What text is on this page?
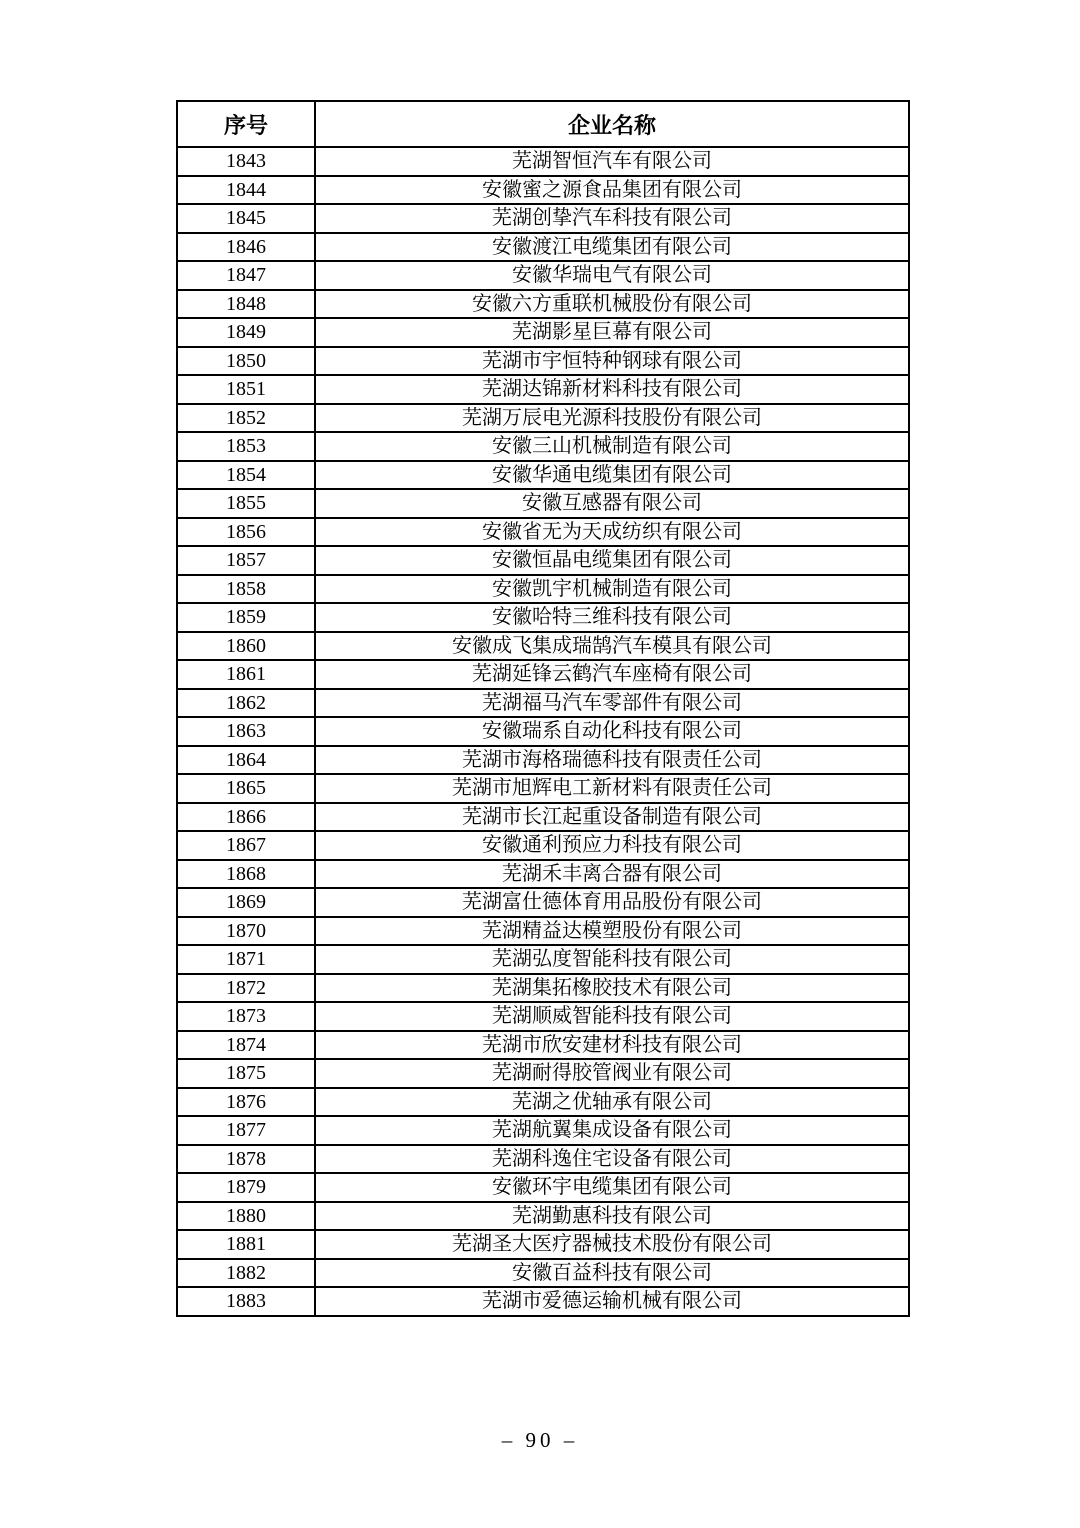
序号	企业名称
1843	芜湖智恒汽车有限公司
1844	安徽蜜之源食品集团有限公司
1845	芜湖创挚汽车科技有限公司
1846	安徽渡江电缆集团有限公司
1847	安徽华瑞电气有限公司
1848	安徽六方重联机械股份有限公司
1849	芜湖影星巨幕有限公司
1850	芜湖市宇恒特种钢球有限公司
1851	芜湖达锦新材料科技有限公司
1852	芜湖万辰电光源科技股份有限公司
1853	安徽三山机械制造有限公司
1854	安徽华通电缆集团有限公司
1855	安徽互感器有限公司
1856	安徽省无为天成纺织有限公司
1857	安徽恒晶电缆集团有限公司
1858	安徽凯宇机械制造有限公司
1859	安徽哈特三维科技有限公司
1860	安徽成飞集成瑞鹄汽车模具有限公司
1861	芜湖延锋云鹤汽车座椅有限公司
1862	芜湖福马汽车零部件有限公司
1863	安徽瑞系自动化科技有限公司
1864	芜湖市海格瑞德科技有限责任公司
1865	芜湖市旭辉电工新材料有限责任公司
1866	芜湖市长江起重设备制造有限公司
1867	安徽通利预应力科技有限公司
1868	芜湖禾丰离合器有限公司
1869	芜湖富仕德体育用品股份有限公司
1870	芜湖精益达模塑股份有限公司
1871	芜湖弘度智能科技有限公司
1872	芜湖集拓橡胶技术有限公司
1873	芜湖顺威智能科技有限公司
1874	芜湖市欣安建材科技有限公司
1875	芜湖耐得胶管阀业有限公司
1876	芜湖之优轴承有限公司
1877	芜湖航翼集成设备有限公司
1878	芜湖科逸住宅设备有限公司
1879	安徽环宇电缆集团有限公司
1880	芜湖勤惠科技有限公司
1881	芜湖圣大医疗器械技术股份有限公司
1882	安徽百益科技有限公司
1883	芜湖市爱德运输机械有限公司
– 90 –
